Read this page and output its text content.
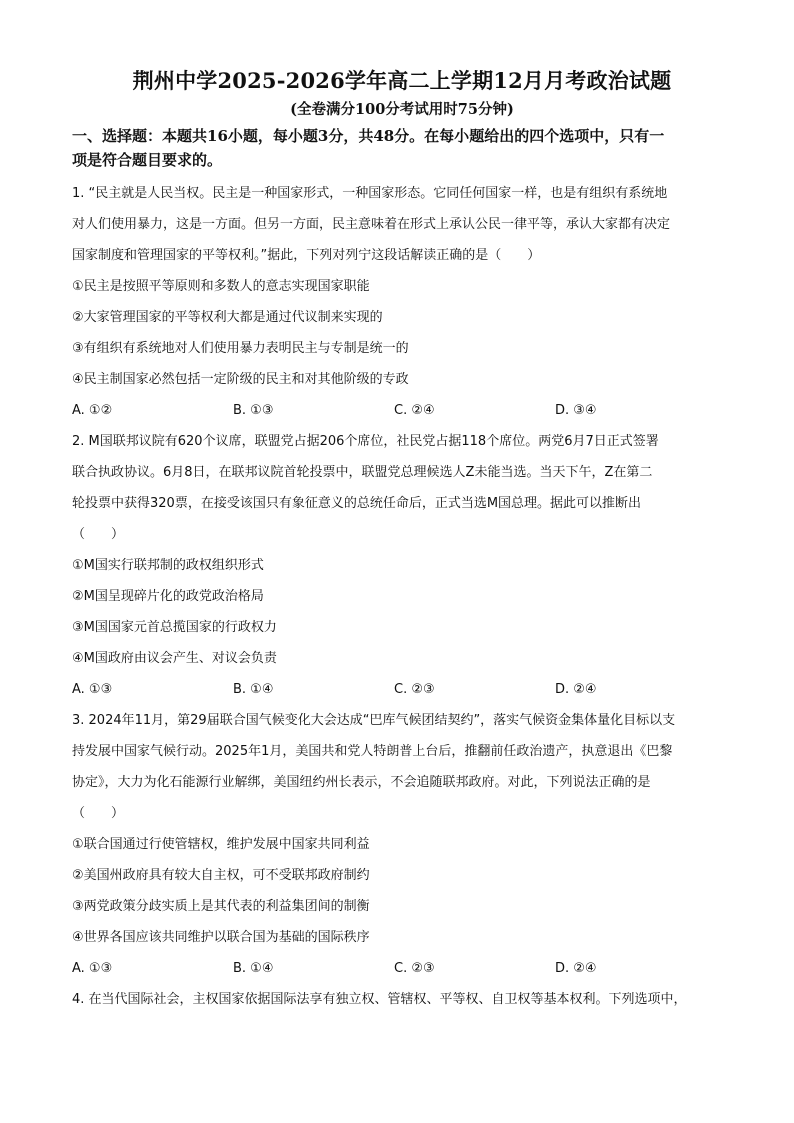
荆州中学2025-2026学年高二上学期12月月考政治试题
(全卷满分100分考试用时75分钟)
一、选择题：本题共16小题，每小题3分，共48分。在每小题给出的四个选项中，只有一
项是符合题目要求的。

1. “民主就是人民当权。民主是一种国家形式，一种国家形态。它同任何国家一样，也是有组织有系统地

对人们使用暴力，这是一方面。但另一方面，民主意味着在形式上承认公民一律平等，承认大家都有决定

国家制度和管理国家的平等权利。”据此，下列对列宁这段话解读正确的是（　　）

①民主是按照平等原则和多数人的意志实现国家职能

②大家管理国家的平等权利大都是通过代议制来实现的

③有组织有系统地对人们使用暴力表明民主与专制是统一的

④民主制国家必然包括一定阶级的民主和对其他阶级的专政

A. ①②	B. ①③	C. ②④	D. ③④

2. M国联邦议院有620个议席，联盟党占据206个席位，社民党占据118个席位。两党6月7日正式签署

联合执政协议。6月8日，在联邦议院首轮投票中，联盟党总理候选人Z未能当选。当天下午，Z在第二

轮投票中获得320票，在接受该国只有象征意义的总统任命后，正式当选M国总理。据此可以推断出

（　　）

①M国实行联邦制的政权组织形式

②M国呈现碎片化的政党政治格局

③M国国家元首总揽国家的行政权力

④M国政府由议会产生、对议会负责

A. ①③	B. ①④	C. ②③	D. ②④

3. 2024年11月，第29届联合国气候变化大会达成“巴库气候团结契约”，落实气候资金集体量化目标以支

持发展中国家气候行动。2025年1月，美国共和党人特朗普上台后，推翻前任政治遗产，执意退出《巴黎

协定》，大力为化石能源行业解绑，美国纽约州长表示，不会追随联邦政府。对此，下列说法正确的是

（　　）

①联合国通过行使管辖权，维护发展中国家共同利益

②美国州政府具有较大自主权，可不受联邦政府制约

③两党政策分歧实质上是其代表的利益集团间的制衡

④世界各国应该共同维护以联合国为基础的国际秩序

A. ①③	B. ①④	C. ②③	D. ②④

4. 在当代国际社会，主权国家依据国际法享有独立权、管辖权、平等权、自卫权等基本权利。下列选项中，
